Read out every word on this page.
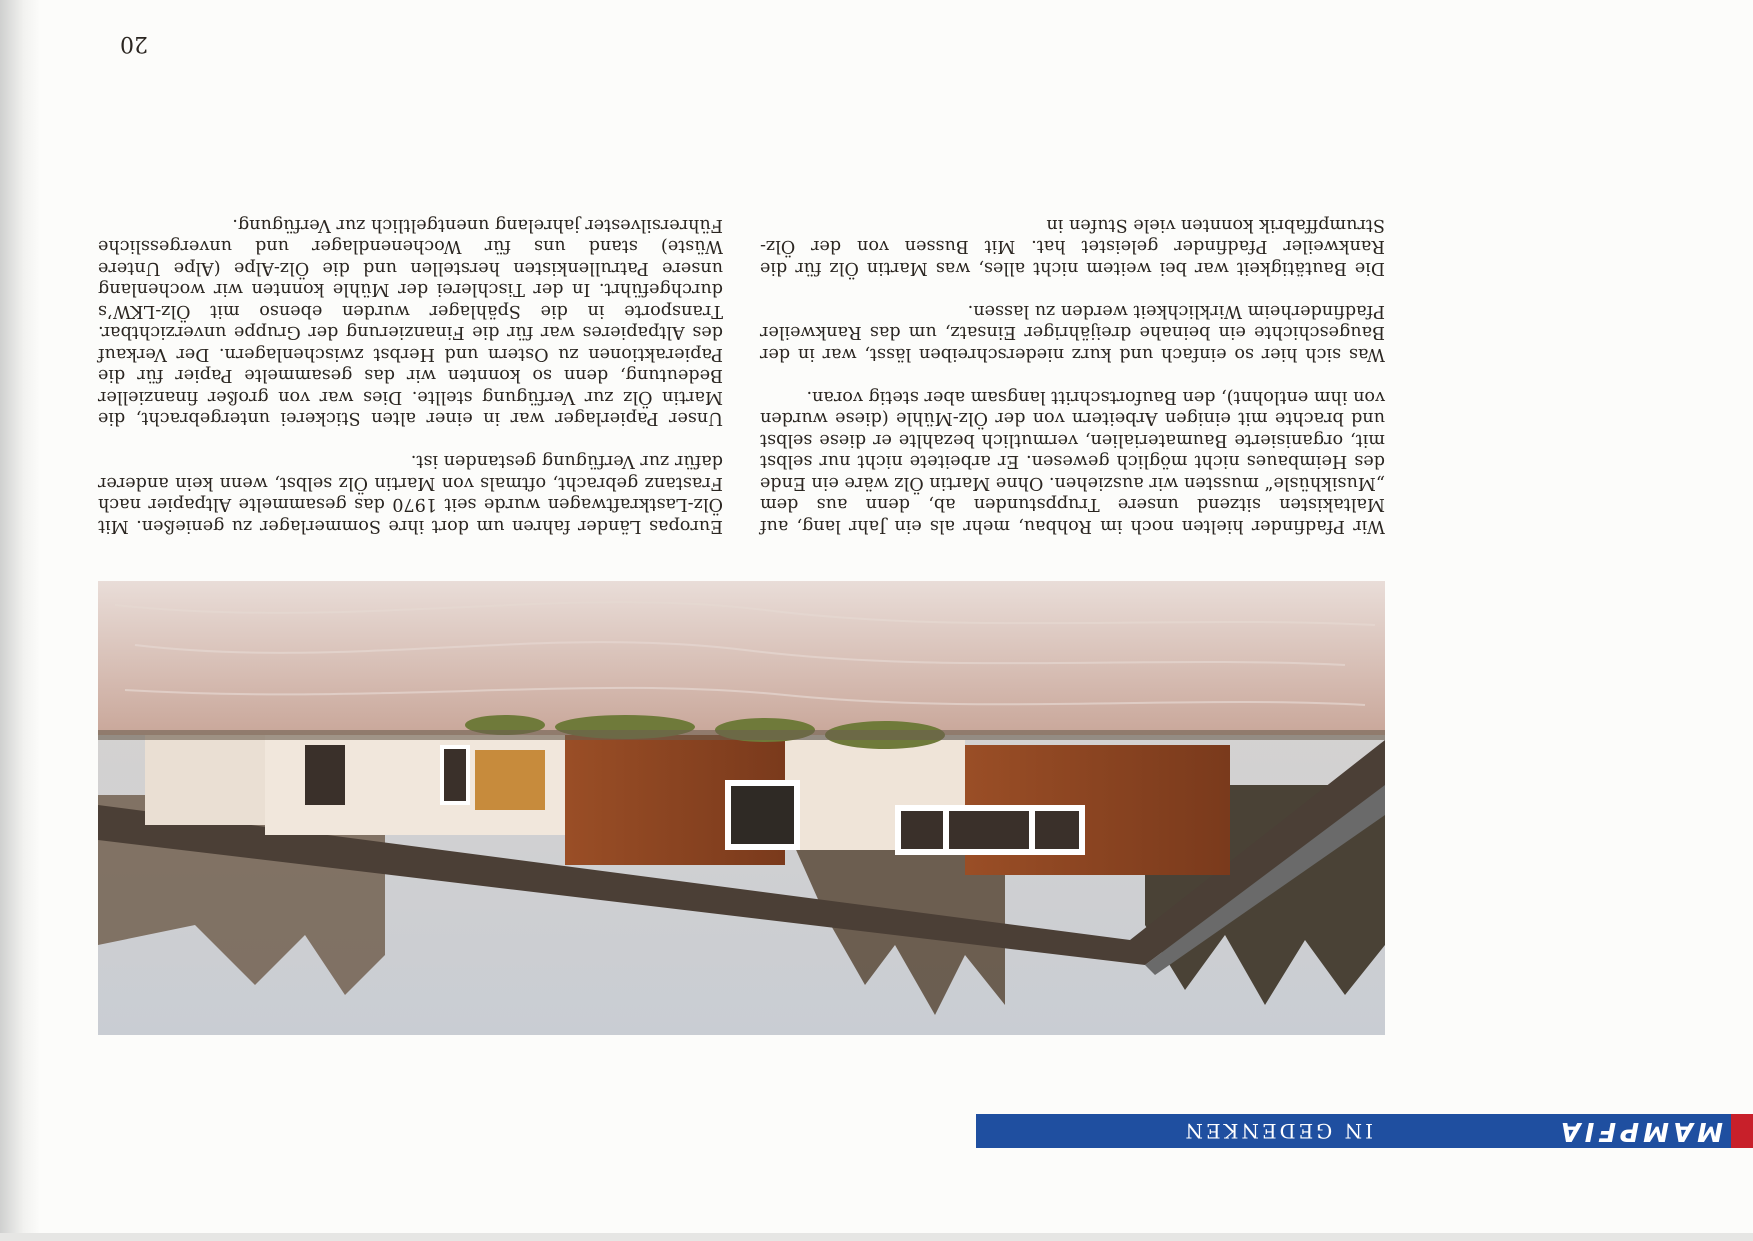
MAMPFIA
IN GEDENKEN

Wir Pfadfinder hielten noch im Rohbau, mehr als ein Jahr lang, auf Maltakisten sitzend unsere Truppstunden ab, denn aus dem „Musikhüsle“ mussten wir ausziehen. Ohne Martin Ölz wäre ein Ende des Heimbaues nicht möglich gewesen. Er arbeitete nicht nur selbst mit, organisierte Baumaterialien, vermutlich bezahlte er diese selbst und brachte mit einigen Arbeitern von der Ölz-Mühle (diese wurden von ihm entlohnt), den Baufortschritt langsam aber stetig voran.

Was sich hier so einfach und kurz niederschreiben lässt, war in der Baugeschichte ein beinahe dreijähriger Einsatz, um das Rankweiler Pfadfinderheim Wirklichkeit werden zu lassen.

Die Bautätigkeit war bei weitem nicht alles, was Martin Ölz für die Rankweiler Pfadfinder geleistet hat. Mit Bussen von der Ölz-Strumpffabrik konnten viele Stufen in

Europas Länder fahren um dort ihre Sommerlager zu genießen. Mit Ölz-Lastkraftwagen wurde seit 1970 das gesammelte Altpapier nach Frastanz gebracht, oftmals von Martin Ölz selbst, wenn kein anderer dafür zur Verfügung gestanden ist.

Unser Papierlager war in einer alten Stickerei untergebracht, die Martin Ölz zur Verfügung stellte. Dies war von großer finanzieller Bedeutung, denn so konnten wir das gesammelte Papier für die Papieraktionen zu Ostern und Herbst zwischenlagern. Der Verkauf des Altpapieres war für die Finanzierung der Gruppe unverzichtbar. Transporte in die Spählager wurden ebenso mit Ölz-LKW’s durchgeführt. In der Tischlerei der Mühle konnten wir wochenlang unsere Patrullenkisten herstellen und die Ölz-Alpe (Alpe Untere Wüste) stand uns für Wochenendlager und unvergessliche Führersilvester jahrelang unentgeltlich zur Verfügung.

20
